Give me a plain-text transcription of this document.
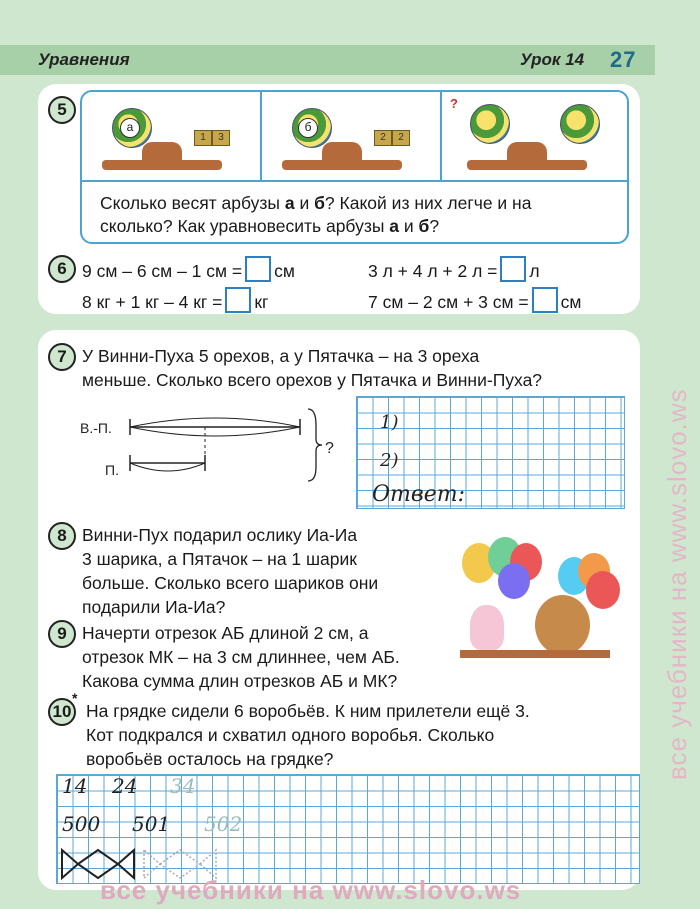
Уравнения	Урок 14 27
5
а
1	3
б
2	2
?
Сколько весят арбузы а и б? Какой из них легче и на
сколько? Как уравновесить арбузы а и б?
6 9 см – 6 см – 1 см = см	3 л + 4 л + 2 л = л
8 кг + 1 кг – 4 кг = кг	7 см – 2 см + 3 см = см
7 У Винни-Пуха 5 орехов, а у Пятачка – на 3 ореха
меньше. Сколько всего орехов у Пятачка и Винни-Пуха?
В.-П.
П.
?
1)
2)
Ответ:
8 Винни-Пух подарил ослику Иа-Иа
3 шарика, а Пятачок – на 1 шарик
больше. Сколько всего шариков они
подарили Иа-Иа?
9 Начерти отрезок АБ длиной 2 см, а
отрезок МК – на 3 см длиннее, чем АБ.
Какова сумма длин отрезков АБ и МК?
10
*
На грядке сидели 6 воробьёв. К ним прилетели ещё 3.
Кот подкрался и схватил одного воробья. Сколько
воробьёв осталось на грядке?
14 24 34
500 501 502
все учебники на www.slovo.ws
все учебники на www.slovo.ws
